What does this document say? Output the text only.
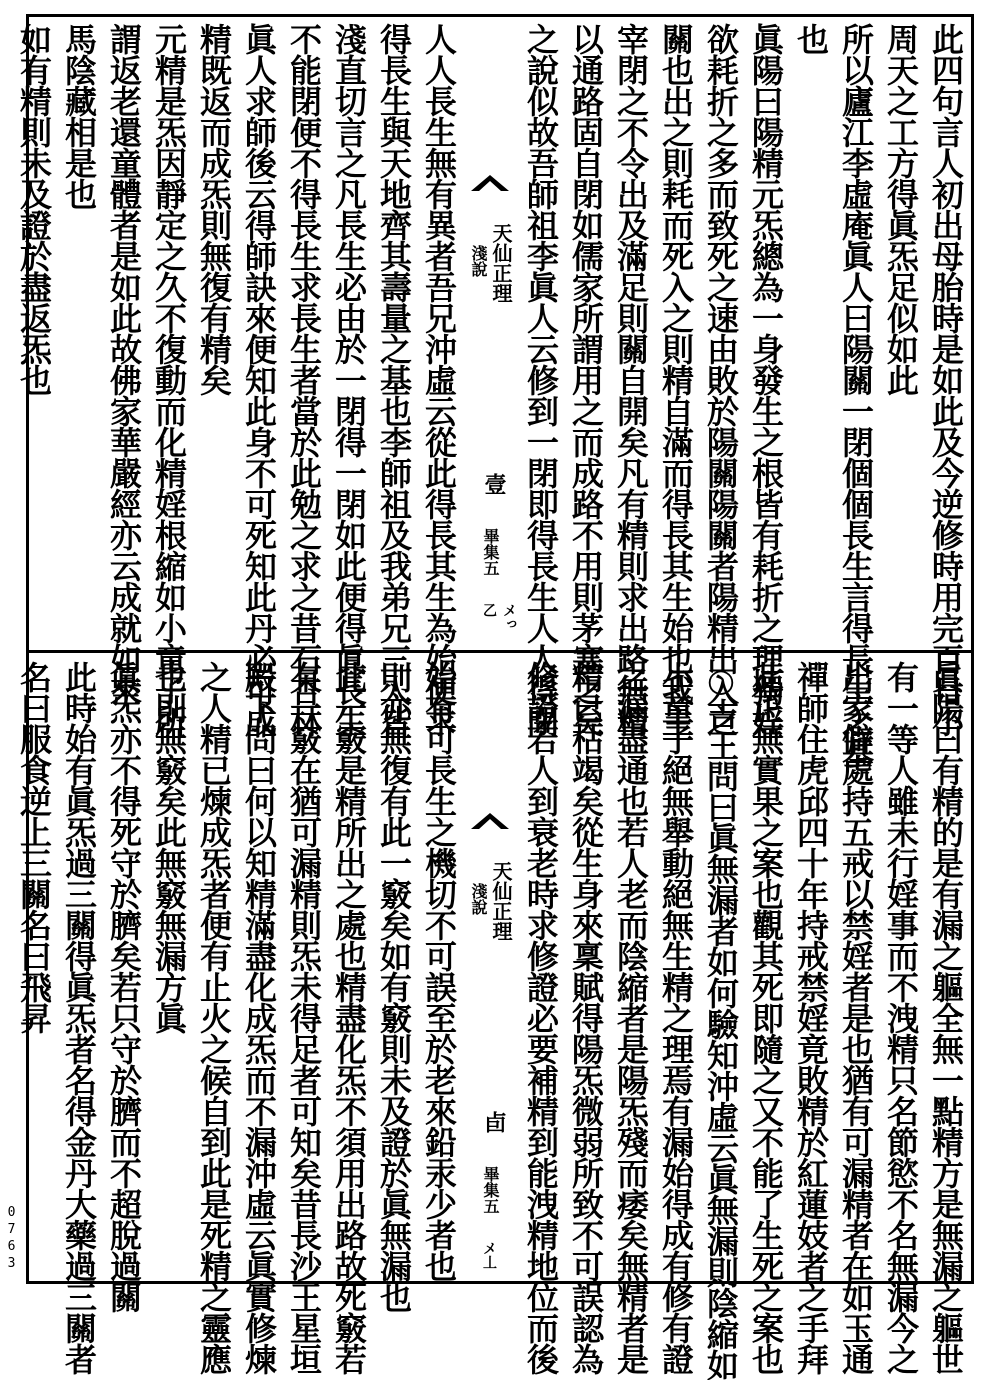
0763
此四句言人初出母胎時是如此及今逆修時用完百日小
周天之工方得眞炁足似如此
所以廬江李虛庵眞人曰陽關一閉個個長生言得長生之基
也
眞陽曰陽精元炁總為一身發生之根皆有耗折之理獨婬
欲耗折之多而致死之速由敗於陽關陽關者陽精出入之
關也出之則耗而死入之則精自滿而得長其生始也我主
宰閉之不令出及滿足則關自開矣凡有精則求出路無精
以通路固自閉如儒家所謂用之而成路不用則茅塞之矣
之說似故吾師祖李眞人云修到一閉即得長生人人得閉
天仙正理
淺說
壹
畢集五
メっ乙
人人長生無有異者吾兄沖虛云從此得長其生為始便求
得長生與天地齊其壽量之基也李師祖及我弟兄三人皆
淺直切言之凡長生必由於一閉得一閉如此便得眞長生
不能閉便不得長生求長生者當於此勉之求之昔石杏林
眞人求師後云得師訣來便知此身不可死知此丹必可成
精既返而成炁則無復有精矣
元精是炁因靜定之久不復動而化精婬根縮如小童子所
謂返老還童體者是如此故佛家華嚴經亦云成就如來
馬陰藏相是也
如有精則未及證於盡返炁也
眞陽曰有精的是有漏之軀全無一點精方是無漏之軀世
有一等人雖未行婬事而不洩精只名節慾不名無漏今之
出家僻處持五戒以禁婬者是也猶有可漏精者在如玉通
禪師住虎邱四十年持戒禁婬竟敗精於紅蓮妓者之手拜
此正無實果之案也觀其死即隨之又不能了生死之案也
○吉王問曰眞無漏者如何驗知沖虛云眞無漏則陰縮如
小童子絕無舉動絕無生精之理焉有漏始得成有修有證
之漏盡通也若人老而陰縮者是陽炁殘而痿矣無精者是
精已枯竭矣從生身來稟賦得陽炁微弱所致不可誤認為
修證若人到衰老時求修證必要補精到能洩精地位而後
天仙正理
淺說
卣
畢集五
メ丄
始有可長生之機切不可誤至於老來鉛汞少者也
則亦無復有此一竅矣如有竅則未及證於眞無漏也
此一竅是精所出之處也精盡化炁不須用出路故死竅若
有一竅在猶可漏精則炁未得足者可知矣昔長沙王星垣
殿下問曰何以知精滿盡化成炁而不漏沖虛云眞實修煉
之人精已煉成炁者便有止火之候自到此是死精之靈應
也則無竅矣此無竅無漏方眞
眞炁亦不得死守於臍矣若只守於臍而不超脫過關
此時始有眞炁過三關得眞炁者名得金丹大藥過三關者
名曰服食逆上三關名曰飛昇
